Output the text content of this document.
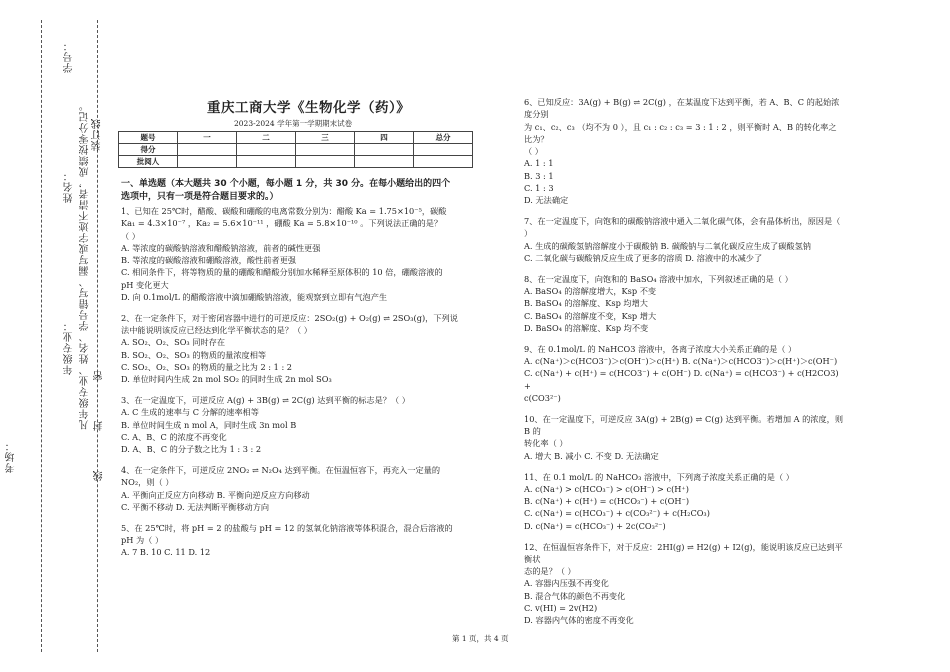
考场：
年级专业：
姓名：
学号：
凡年级专业、姓名、学号错写、漏写或字迹不清者，成绩按零分记。 装订线
密
封
线
重庆工商大学《生物化学（药）》
2023-2024 学年第一学期期末试卷
题号	一	二	三	四	总分
得分					
批阅人					

一、单选题（本大题共 30 个小题，每小题 1 分，共 30 分。在每小题给出的四个

选项中，只有一项是符合题目要求的。）

1、已知在 25℃时，醋酸、碳酸和硼酸的电离常数分别为：醋酸 Ka = 1.75×10⁻⁵，碳酸

Ka₁ = 4.3×10⁻⁷ ，Ka₂ = 5.6×10⁻¹¹ ，硼酸 Ka = 5.8×10⁻¹⁰ 。下列说法正确的是？

（ ）

A. 等浓度的碳酸钠溶液和醋酸钠溶液，前者的碱性更强

B. 等浓度的碳酸溶液和硼酸溶液，酸性前者更强

C. 相同条件下，将等物质的量的硼酸和醋酸分别加水稀释至原体积的 10 倍，硼酸溶液的

pH 变化更大

D. 向 0.1mol/L 的醋酸溶液中滴加硼酸钠溶液，能观察到立即有气泡产生

2、在一定条件下，对于密闭容器中进行的可逆反应：2SO₂(g) + O₂(g) ⇌ 2SO₃(g)，下列说

法中能说明该反应已经达到化学平衡状态的是？（ ）

A. SO₂、O₂、SO₃ 同时存在

B. SO₂、O₂、SO₃ 的物质的量浓度相等

C. SO₂、O₂、SO₃ 的物质的量之比为 2 : 1 : 2

D. 单位时间内生成 2n mol SO₂ 的同时生成 2n mol SO₃

3、在一定温度下，可逆反应 A(g) + 3B(g) ⇌ 2C(g) 达到平衡的标志是？（ ）

A. C 生成的速率与 C 分解的速率相等

B. 单位时间生成 n mol A，同时生成 3n mol B

C. A、B、C 的浓度不再变化

D. A、B、C 的分子数之比为 1 : 3 : 2

4、在一定条件下，可逆反应 2NO₂ ⇌ N₂O₄ 达到平衡。在恒温恒容下，再充入一定量的

NO₂，则（ ）

A. 平衡向正反应方向移动 B. 平衡向逆反应方向移动

C. 平衡不移动 D. 无法判断平衡移动方向

5、在 25℃时，将 pH = 2 的盐酸与 pH = 12 的氢氧化钠溶液等体积混合，混合后溶液的

pH 为（ ）

A. 7 B. 10 C. 11 D. 12

6、已知反应：3A(g) + B(g) ⇌ 2C(g) ，在某温度下达到平衡，若 A、B、C 的起始浓度分别

为 c₁、c₂、c₃ （均不为 0 ），且 c₁ : c₂ : c₃ = 3 : 1 : 2 ，则平衡时 A、B 的转化率之比为？

（ ）

A. 1 : 1

B. 3 : 1

C. 1 : 3

D. 无法确定

7、在一定温度下，向饱和的碳酸钠溶液中通入二氧化碳气体，会有晶体析出，原因是（ ）

A. 生成的碳酸氢钠溶解度小于碳酸钠 B. 碳酸钠与二氧化碳反应生成了碳酸氢钠

C. 二氧化碳与碳酸钠反应生成了更多的溶质 D. 溶液中的水减少了

8、在一定温度下，向饱和的 BaSO₄ 溶液中加水，下列叙述正确的是（ ）

A. BaSO₄ 的溶解度增大，Ksp 不变

B. BaSO₄ 的溶解度、Ksp 均增大

C. BaSO₄ 的溶解度不变，Ksp 增大

D. BaSO₄ 的溶解度、Ksp 均不变

9、在 0.1mol/L 的 NaHCO3 溶液中，各离子浓度大小关系正确的是（ ）

A. c(Na⁺)＞c(HCO3⁻)＞c(OH⁻)＞c(H⁺) B. c(Na⁺)＞c(HCO3⁻)＞c(H⁺)＞c(OH⁻)

C. c(Na⁺) + c(H⁺) = c(HCO3⁻) + c(OH⁻) D. c(Na⁺) = c(HCO3⁻) + c(H2CO3) +

c(CO3²⁻)

10、在一定温度下，可逆反应 3A(g) + 2B(g) ⇌ C(g) 达到平衡。若增加 A 的浓度，则 B 的

转化率（ ）

A. 增大 B. 减小 C. 不变 D. 无法确定

11、在 0.1 mol/L 的 NaHCO₃ 溶液中，下列离子浓度关系正确的是（ ）

A. c(Na⁺) > c(HCO₃⁻) > c(OH⁻) > c(H⁺)

B. c(Na⁺) + c(H⁺) = c(HCO₃⁻) + c(OH⁻)

C. c(Na⁺) = c(HCO₃⁻) + c(CO₃²⁻) + c(H₂CO₃)

D. c(Na⁺) = c(HCO₃⁻) + 2c(CO₃²⁻)

12、在恒温恒容条件下，对于反应：2HI(g) ⇌ H2(g) + I2(g)，能说明该反应已达到平衡状

态的是？（ ）

A. 容器内压强不再变化

B. 混合气体的颜色不再变化

C. v(HI) = 2v(H2)

D. 容器内气体的密度不再变化

第 1 页，共 4 页
